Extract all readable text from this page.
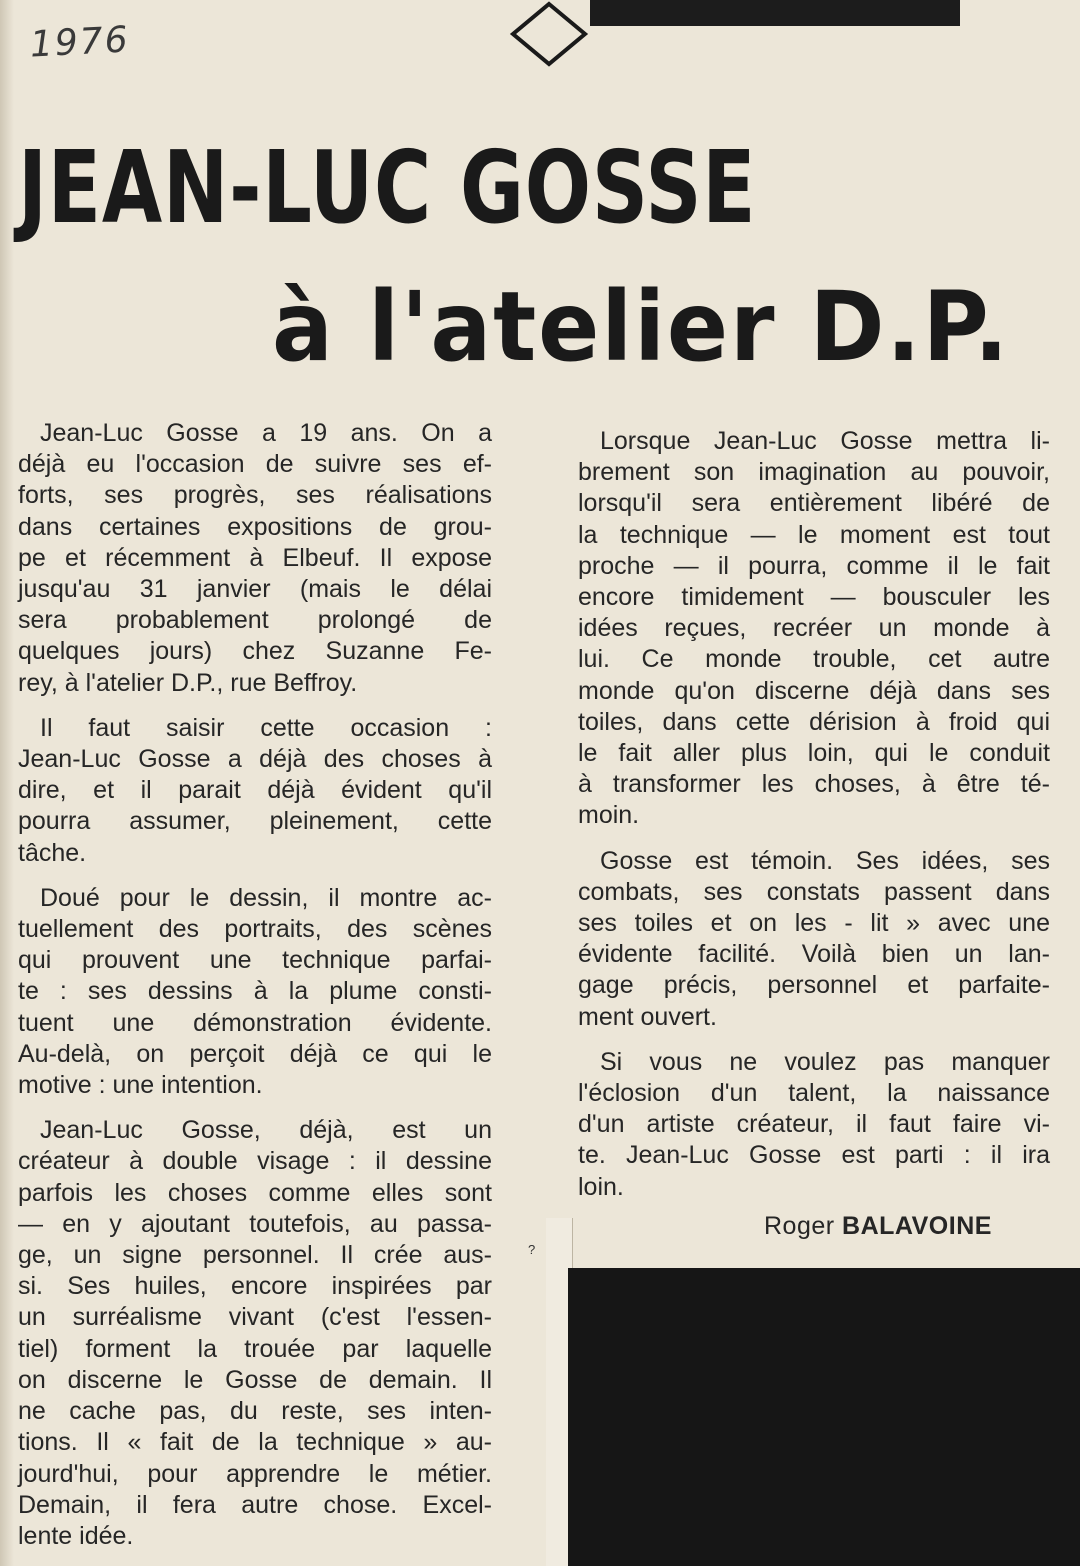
1976
JEAN-LUC GOSSE
à l'atelier D.P.

Jean-Luc Gosse a 19 ans. On a
déjà eu l'occasion de suivre ses ef-
forts, ses progrès, ses réalisations
dans certaines expositions de grou-
pe et récemment à Elbeuf. Il expose
jusqu'au 31 janvier (mais le délai
sera probablement prolongé de
quelques jours) chez Suzanne Fe-
rey, à l'atelier D.P., rue Beffroy.

Il faut saisir cette occasion :
Jean-Luc Gosse a déjà des choses à
dire, et il parait déjà évident qu'il
pourra assumer, pleinement, cette
tâche.

Doué pour le dessin, il montre ac-
tuellement des portraits, des scènes
qui prouvent une technique parfai-
te : ses dessins à la plume consti-
tuent une démonstration évidente.
Au-delà, on perçoit déjà ce qui le
motive : une intention.

Jean-Luc Gosse, déjà, est un
créateur à double visage : il dessine
parfois les choses comme elles sont
— en y ajoutant toutefois, au passa-
ge, un signe personnel. Il crée aus-
si. Ses huiles, encore inspirées par
un surréalisme vivant (c'est l'essen-
tiel) forment la trouée par laquelle
on discerne le Gosse de demain. Il
ne cache pas, du reste, ses inten-
tions. Il « fait de la technique » au-
jourd'hui, pour apprendre le métier.
Demain, il fera autre chose. Excel-
lente idée.

Lorsque Jean-Luc Gosse mettra li-
brement son imagination au pouvoir,
lorsqu'il sera entièrement libéré de
la technique — le moment est tout
proche — il pourra, comme il le fait
encore timidement — bousculer les
idées reçues, recréer un monde à
lui. Ce monde trouble, cet autre
monde qu'on discerne déjà dans ses
toiles, dans cette dérision à froid qui
le fait aller plus loin, qui le conduit
à transformer les choses, à être té-
moin.

Gosse est témoin. Ses idées, ses
combats, ses constats passent dans
ses toiles et on les - lit » avec une
évidente facilité. Voilà bien un lan-
gage précis, personnel et parfaite-
ment ouvert.

Si vous ne voulez pas manquer
l'éclosion d'un talent, la naissance
d'un artiste créateur, il faut faire vi-
te. Jean-Luc Gosse est parti : il ira
loin.

Roger BALAVOINE
?
